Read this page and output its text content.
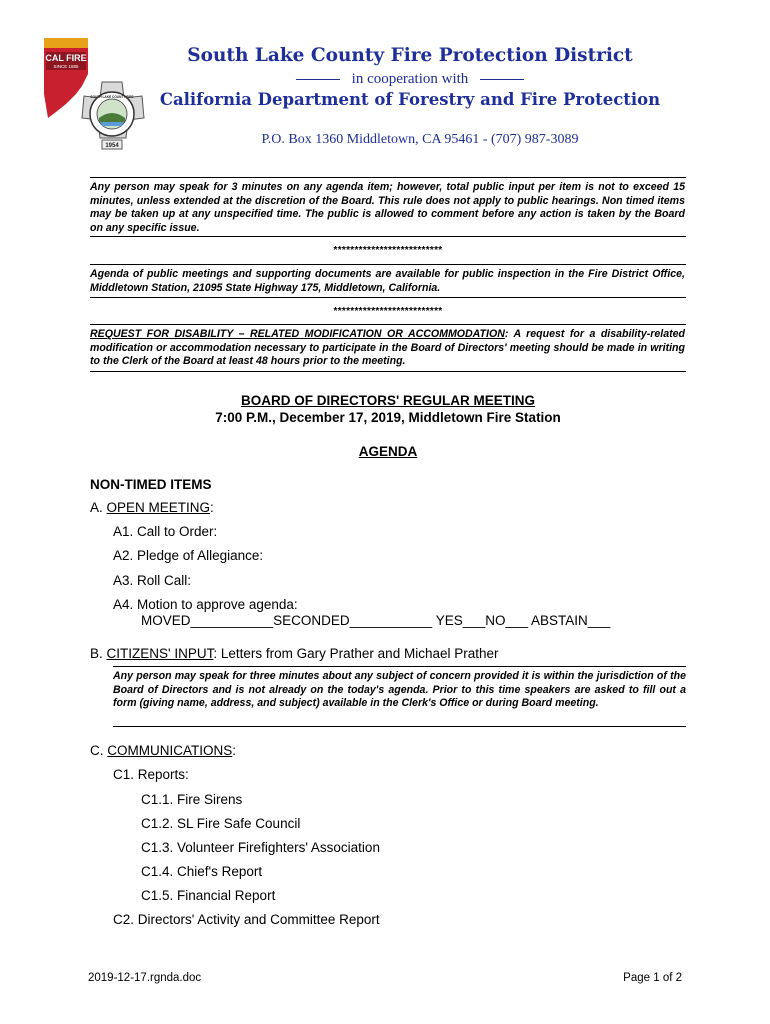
CAL FIRE
SINCE 1885
SOUTH LAKE COUNTY FIRE
1954
South Lake County Fire Protection District
in cooperation with
California Department of Forestry and Fire Protection
P.O. Box 1360 Middletown, CA 95461 - (707) 987-3089
Any person may speak for 3 minutes on any agenda item; however, total public input per item is not to exceed 15 minutes, unless extended at the discretion of the Board. This rule does not apply to public hearings. Non timed items may be taken up at any unspecified time. The public is allowed to comment before any action is taken by the Board on any specific issue.
**************************
Agenda of public meetings and supporting documents are available for public inspection in the Fire District Office, Middletown Station, 21095 State Highway 175, Middletown, California.
**************************
REQUEST FOR DISABILITY – RELATED MODIFICATION OR ACCOMMODATION: A request for a disability-related modification or accommodation necessary to participate in the Board of Directors' meeting should be made in writing to the Clerk of the Board at least 48 hours prior to the meeting.
BOARD OF DIRECTORS' REGULAR MEETING
7:00 P.M., December 17, 2019, Middletown Fire Station
AGENDA
NON-TIMED ITEMS
A. OPEN MEETING:
A1. Call to Order:
A2. Pledge of Allegiance:
A3. Roll Call:
A4. Motion to approve agenda:
MOVED___________SECONDED___________ YES___NO___ ABSTAIN___
B. CITIZENS' INPUT: Letters from Gary Prather and Michael Prather
Any person may speak for three minutes about any subject of concern provided it is within the jurisdiction of the Board of Directors and is not already on the today's agenda. Prior to this time speakers are asked to fill out a form (giving name, address, and subject) available in the Clerk's Office or during Board meeting.
C. COMMUNICATIONS:
C1. Reports:
C1.1. Fire Sirens
C1.2. SL Fire Safe Council
C1.3. Volunteer Firefighters' Association
C1.4. Chief's Report
C1.5. Financial Report
C2. Directors' Activity and Committee Report
2019-12-17.rgnda.doc	Page 1 of 2
